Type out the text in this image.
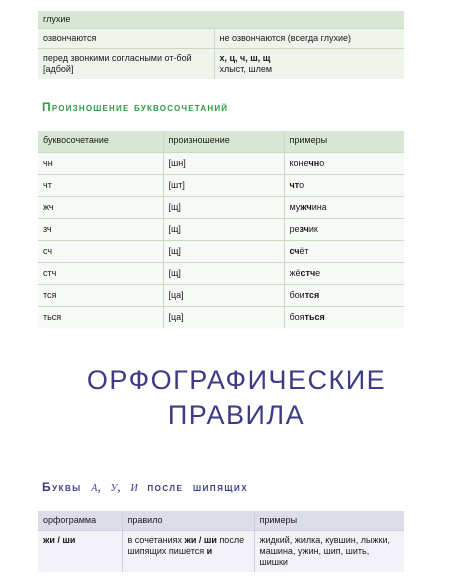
глухие	
озвончаются	не озвончаются (всегда глухие)
перед звонкими согласными от-бой [адбой]	х, ц, ч, ш, щ
хлыст, шлем
Произношение буквосочетаний
буквосочетание	произношение	примеры
чн	[шн]	конечно
чт	[шт]	что
жч	[щ]	мужчина
зч	[щ]	резчик
сч	[щ]	счёт
стч	[щ]	жёстче
тся	[ца]	боится
ться	[ца]	бояться
ОРФОГРАФИЧЕСКИЕ
ПРАВИЛА
Буквы а, у, и после шипящих
орфограмма	правило	примеры
жи / ши	в сочетаниях жи / ши после шипящих пишется и	жидкий, жилка, кувшин, лыжки, машина, ужин, шип, шить, шишки
